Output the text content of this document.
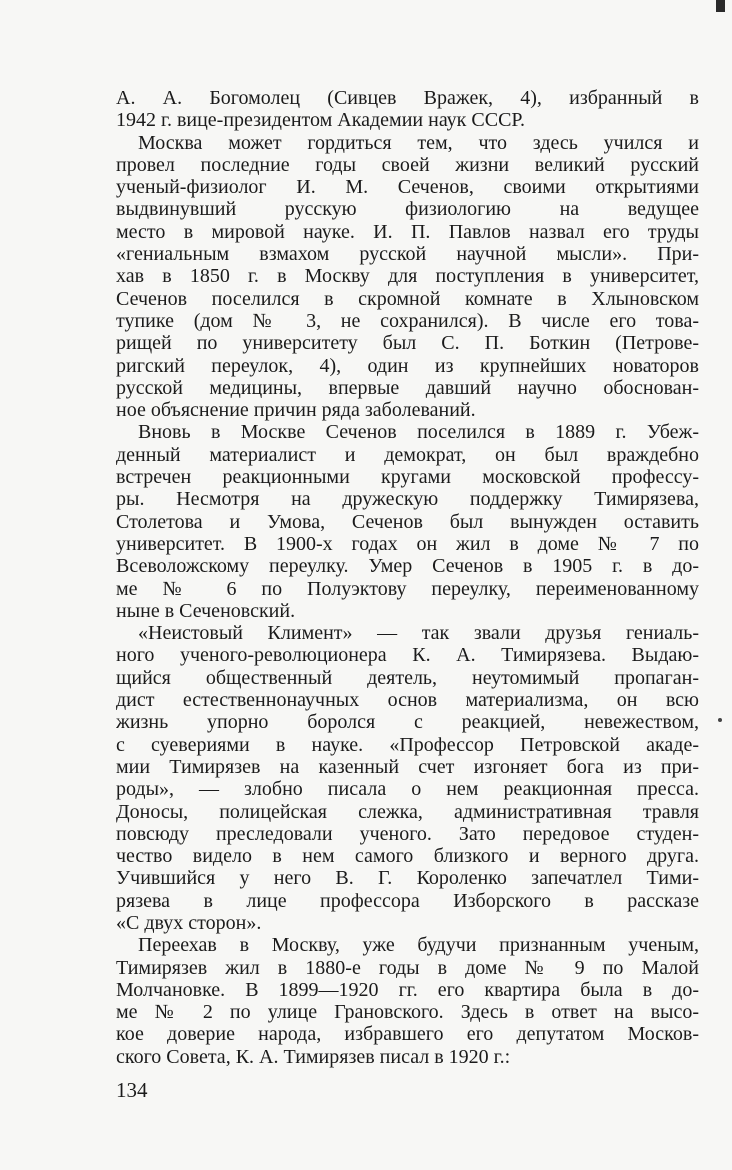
А. А. Богомолец (Сивцев Вражек, 4), избранный в
1942 г. вице-президентом Академии наук СССР.
Москва может гордиться тем, что здесь учился и
провел последние годы своей жизни великий русский
ученый-физиолог И. М. Сеченов, своими открытиями
выдвинувший русскую физиологию на ведущее
место в мировой науке. И. П. Павлов назвал его труды
«гениальным взмахом русской научной мысли». При-
хав в 1850 г. в Москву для поступления в университет,
Сеченов поселился в скромной комнате в Хлыновском
тупике (дом № 3, не сохранился). В числе его това-
рищей по университету был С. П. Боткин (Петрове-
ригский переулок, 4), один из крупнейших новаторов
русской медицины, впервые давший научно обоснован-
ное объяснение причин ряда заболеваний.
Вновь в Москве Сеченов поселился в 1889 г. Убеж-
денный материалист и демократ, он был враждебно
встречен реакционными кругами московской профессу-
ры. Несмотря на дружескую поддержку Тимирязева,
Столетова и Умова, Сеченов был вынужден оставить
университет. В 1900-х годах он жил в доме № 7 по
Всеволожскому переулку. Умер Сеченов в 1905 г. в до-
ме № 6 по Полуэктову переулку, переименованному
ныне в Сеченовский.
«Неистовый Климент» — так звали друзья гениаль-
ного ученого-революционера К. А. Тимирязева. Выдаю-
щийся общественный деятель, неутомимый пропаган-
дист естественнонаучных основ материализма, он всю
жизнь упорно боролся с реакцией, невежеством,
с суевериями в науке. «Профессор Петровской акаде-
мии Тимирязев на казенный счет изгоняет бога из при-
роды», — злобно писала о нем реакционная пресса.
Доносы, полицейская слежка, административная травля
повсюду преследовали ученого. Зато передовое студен-
чество видело в нем самого близкого и верного друга.
Учившийся у него В. Г. Короленко запечатлел Тими-
рязева в лице профессора Изборского в рассказе
«С двух сторон».
Переехав в Москву, уже будучи признанным ученым,
Тимирязев жил в 1880-е годы в доме № 9 по Малой
Молчановке. В 1899—1920 гг. его квартира была в до-
ме № 2 по улице Грановского. Здесь в ответ на высо-
кое доверие народа, избравшего его депутатом Москов-
ского Совета, К. А. Тимирязев писал в 1920 г.:
134
